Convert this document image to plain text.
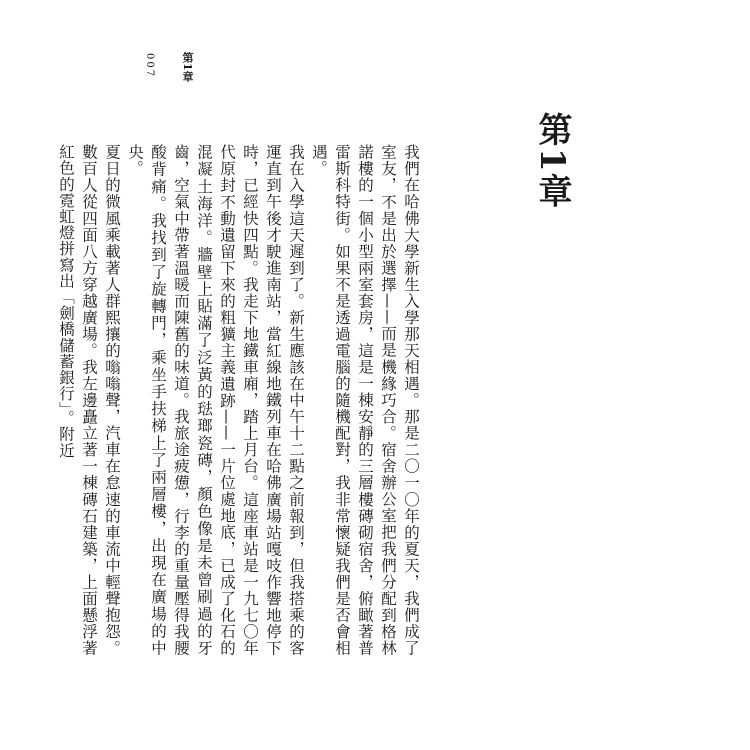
007 第1章
第1章

我們在哈佛大學新生入學那天相遇。那是二〇一〇年的夏天，我們成了室友，不是出於選擇——而是機緣巧合。宿舍辦公室把我們分配到格林諾樓的一個小型兩室套房，這是一棟安靜的三層樓磚砌宿舍，俯瞰著普雷斯科特街。如果不是透過電腦的隨機配對，我非常懷疑我們是否會相遇。

我在入學這天遲到了。新生應該在中午十二點之前報到，但我搭乘的客運直到午後才駛進南站，當紅線地鐵列車在哈佛廣場站嘎吱作響地停下時，已經快四點。我走下地鐵車廂，踏上月台。這座車站是一九七〇年代原封不動遺留下來的粗獷主義遺跡——一片位處地底，已成了化石的混凝土海洋。牆壁上貼滿了泛黃的琺瑯瓷磚，顏色像是未曾刷過的牙齒，空氣中帶著溫暖而陳舊的味道。我旅途疲憊，行李的重量壓得我腰酸背痛。我找到了旋轉門，乘坐手扶梯上了兩層樓，出現在廣場的中央。

夏日的微風乘載著人群熙攘的嗡嗡聲，汽車在怠速的車流中輕聲抱怨。數百人從四面八方穿越廣場。我左邊矗立著一棟磚石建築，上面懸浮著紅色的霓虹燈拼寫出「劍橋儲蓄銀行」。附近
